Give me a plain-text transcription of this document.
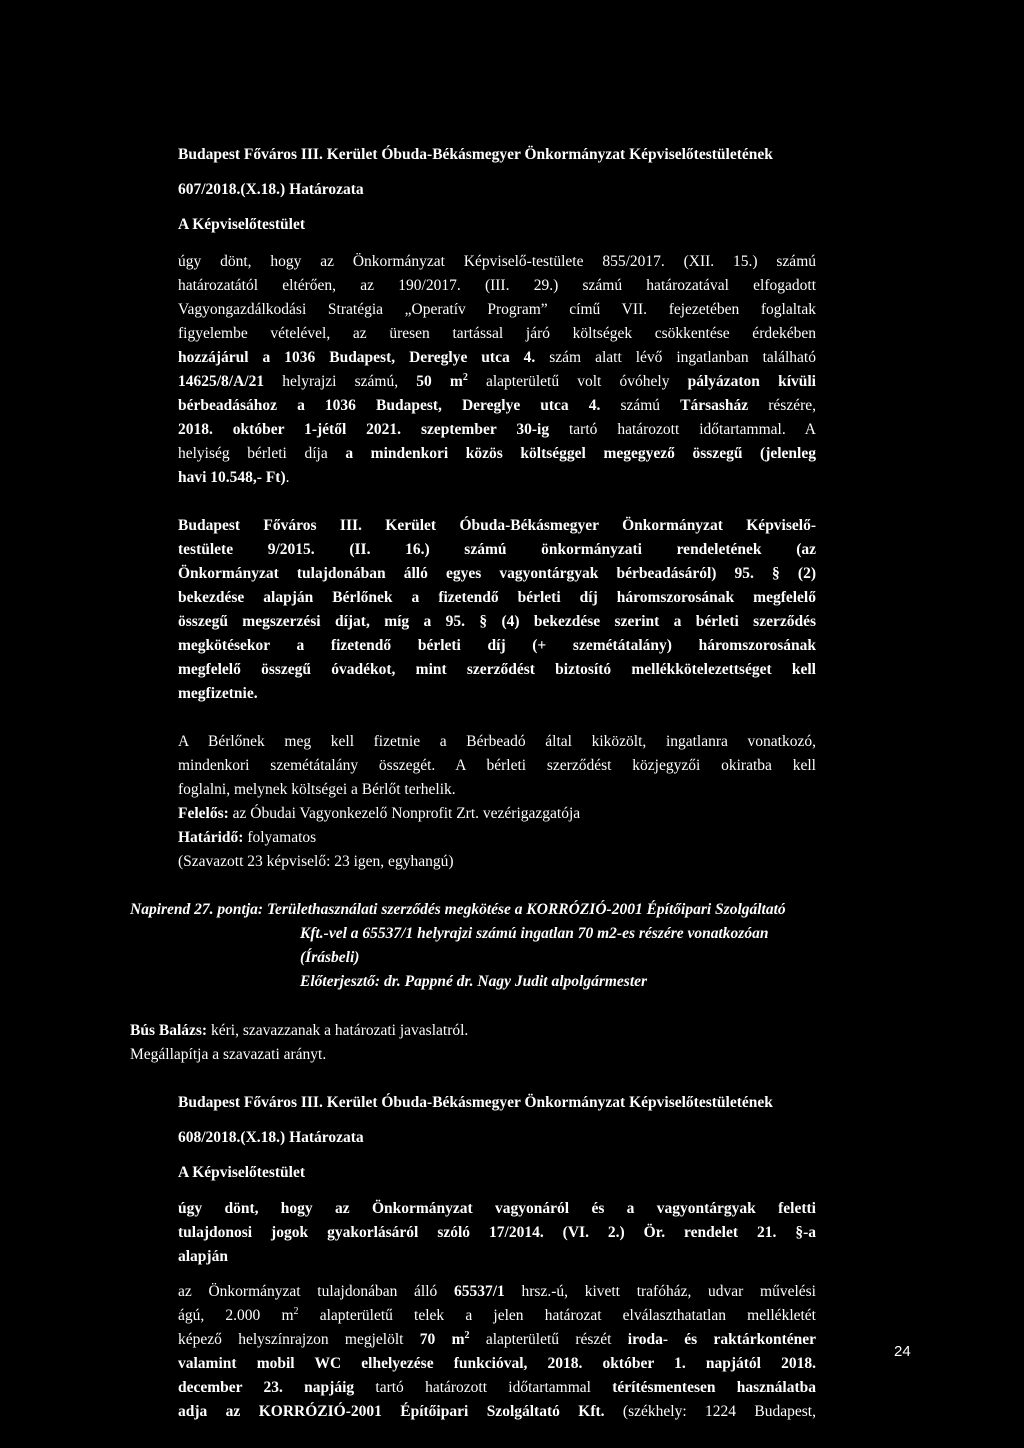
Budapest Főváros III. Kerület Óbuda-Békásmegyer Önkormányzat Képviselőtestületének
607/2018.(X.18.) Határozata
A Képviselőtestület
úgy dönt, hogy az Önkormányzat Képviselő-testülete 855/2017. (XII. 15.) számú
határozatától eltérően, az 190/2017. (III. 29.) számú határozatával elfogadott
Vagyongazdálkodási Stratégia „Operatív Program” című VII. fejezetében foglaltak
figyelembe vételével, az üresen tartással járó költségek csökkentése érdekében
hozzájárul a 1036 Budapest, Dereglye utca 4. szám alatt lévő ingatlanban található
14625/8/A/21 helyrajzi számú, 50 $m^2$ alapterületű volt óvóhely pályázaton kívüli
bérbeadásához a 1036 Budapest, Dereglye utca 4. számú Társasház részére,
2018. október 1-jétől 2021. szeptember 30-ig tartó határozott időtartammal. A
helyiség bérleti díja a mindenkori közös költséggel megegyező összegű (jelenleg
havi 10.548,- Ft).
Budapest Főváros III. Kerület Óbuda-Békásmegyer Önkormányzat Képviselő-
testülete 9/2015. (II. 16.) számú önkormányzati rendeletének (az
Önkormányzat tulajdonában álló egyes vagyontárgyak bérbeadásáról) 95. § (2)
bekezdése alapján Bérlőnek a fizetendő bérleti díj háromszorosának megfelelő
összegű megszerzési díjat, míg a 95. § (4) bekezdése szerint a bérleti szerződés
megkötésekor a fizetendő bérleti díj (+ szemétátalány) háromszorosának
megfelelő összegű óvadékot, mint szerződést biztosító mellékkötelezettséget kell
megfizetnie.
A Bérlőnek meg kell fizetnie a Bérbeadó által kiközölt, ingatlanra vonatkozó,
mindenkori szemétátalány összegét. A bérleti szerződést közjegyzői okiratba kell
foglalni, melynek költségei a Bérlőt terhelik.
Felelős: az Óbudai Vagyonkezelő Nonprofit Zrt. vezérigazgatója
Határidő: folyamatos
(Szavazott 23 képviselő: 23 igen, egyhangú)
Napirend 27. pontja: Területhasználati szerződés megkötése a KORRÓZIÓ-2001 Építőipari Szolgáltató
Kft.-vel a 65537/1 helyrajzi számú ingatlan 70 m2-es részére vonatkozóan
(Írásbeli)
Előterjesztő: dr. Pappné dr. Nagy Judit alpolgármester
Bús Balázs: kéri, szavazzanak a határozati javaslatról.
Megállapítja a szavazati arányt.
Budapest Főváros III. Kerület Óbuda-Békásmegyer Önkormányzat Képviselőtestületének
608/2018.(X.18.) Határozata
A Képviselőtestület
úgy dönt, hogy az Önkormányzat vagyonáról és a vagyontárgyak feletti
tulajdonosi jogok gyakorlásáról szóló 17/2014. (VI. 2.) Ör. rendelet 21. §-a
alapján
az Önkormányzat tulajdonában álló 65537/1 hrsz.-ú, kivett trafóház, udvar művelési
ágú, 2.000 $m^2$ alapterületű telek a jelen határozat elválaszthatatlan mellékletét
képező helyszínrajzon megjelölt 70 $m^2$ alapterületű részét iroda- és raktárkonténer
valamint mobil WC elhelyezése funkcióval, 2018. október 1. napjától 2018.
december 23. napjáig tartó határozott időtartammal térítésmentesen használatba
adja az KORRÓZIÓ-2001 Építőipari Szolgáltató Kft. (székhely: 1224 Budapest,
24
